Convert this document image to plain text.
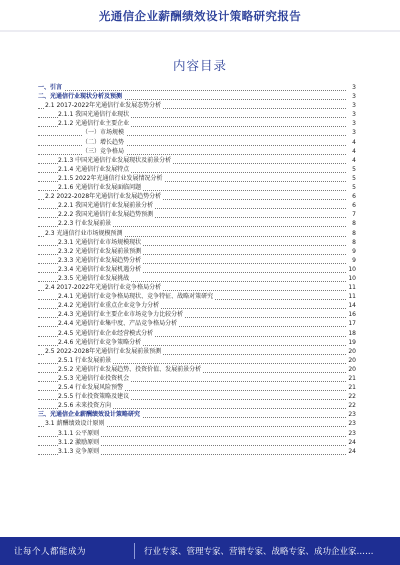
光通信企业薪酬绩效设计策略研究报告
内容目录
一、引言	3
二、光通信行业现状分析及预测	3
2.1 2017-2022年光通信行业发展态势分析	3
2.1.1 我国光通信行业现状	3
2.1.2 光通信行业主要企业	3
（一）市场规模	3
（二）增长趋势	4
（三）竞争格局	4
2.1.3 中国光通信行业发展现状及前景分析	4
2.1.4 光通信行业发展特点	5
2.1.5 2022年光通信行业发展情况分析	5
2.1.6 光通信行业发展面临问题	5
2.2 2022-2028年光通信行业发展趋势分析	6
2.2.1 我国光通信行业发展前景分析	6
2.2.2 我国光通信行业发展趋势预测	7
2.2.3 行业发展前景	8
2.3 光通信行业市场规模预测	8
2.3.1 光通信行业市场规模现状	8
2.3.2 光通信行业发展前景预测	9
2.3.3 光通信行业发展趋势分析	9
2.3.4 光通信行业发展机遇分析	10
2.3.5 光通信行业发展挑战	10
2.4 2017-2022年光通信行业竞争格局分析	11
2.4.1 光通信行业竞争格局现状、竞争特征、战略对策研究	11
2.4.2 光通信行业重点企业竞争力分析	14
2.4.3 光通信行业主要企业市场竞争力比较分析	16
2.4.4 光通信行业集中度、产品竞争格局分析	17
2.4.5 光通信行业企业经营模式分析	18
2.4.6 光通信行业竞争策略分析	19
2.5 2022-2028年光通信行业发展前景预测	20
2.5.1 行业发展前景	20
2.5.2 光通信行业发展趋势、投资价值、发展前景分析	20
2.5.3 光通信行业投资机会	21
2.5.4 行业发展风险预警	21
2.5.5 行业投资策略及建议	22
2.5.6 未来投资方向	22
三、光通信企业薪酬绩效设计策略研究	23
3.1 薪酬绩效设计原则	23
3.1.1 公平原则	23
3.1.2 激励原则	24
3.1.3 竞争原则	24
让每个人都能成为	行业专家、管理专家、营销专家、战略专家、成功企业家……
